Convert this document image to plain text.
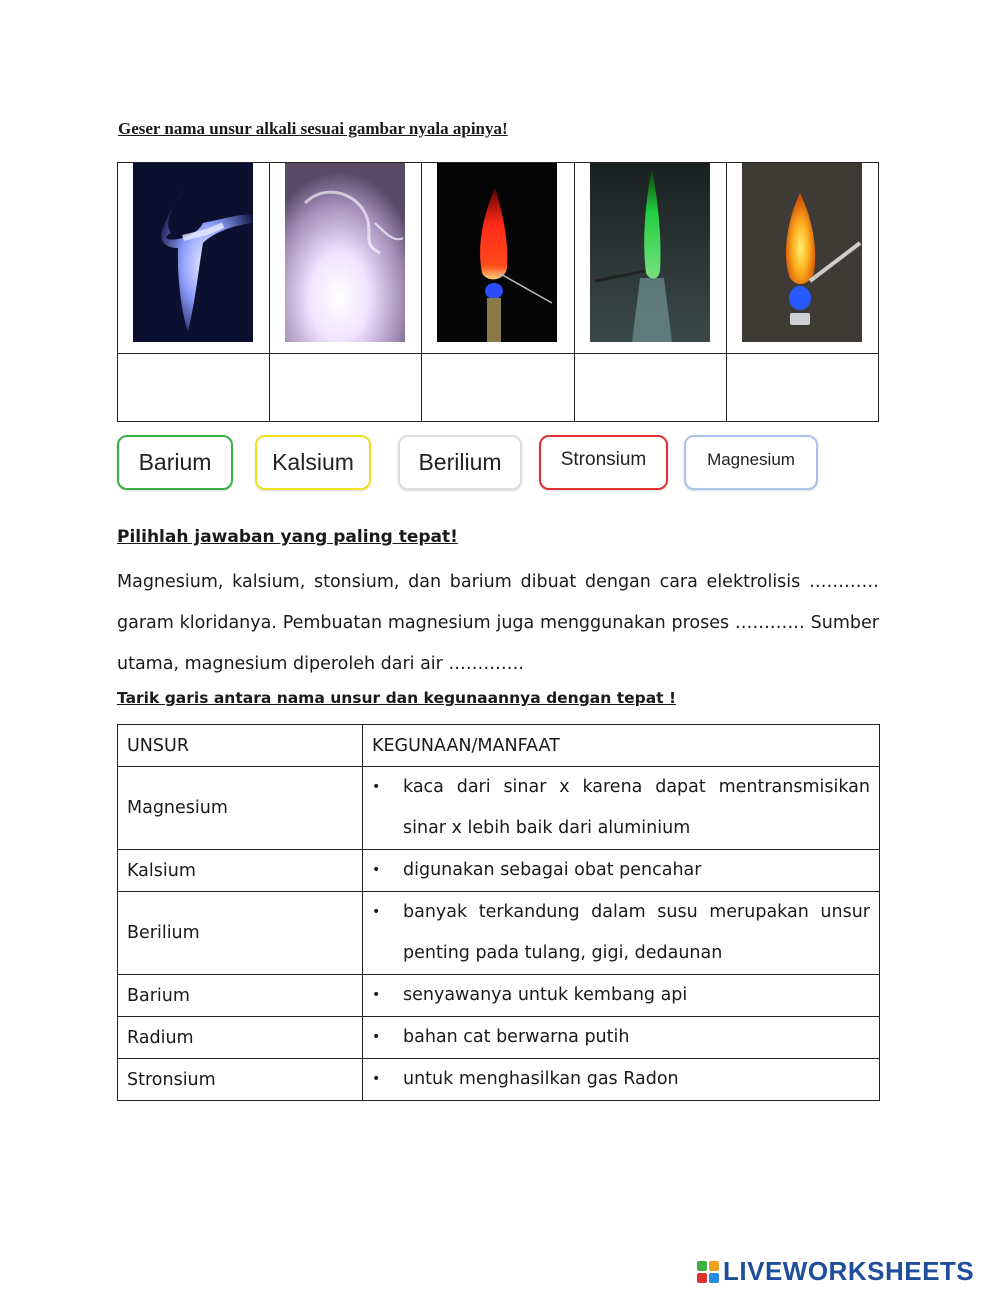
Geser nama unsur alkali sesuai gambar nyala apinya!

Barium	Kalsium	Berilium	Stronsium	Magnesium
Pilihlah jawaban yang paling tepat!
Magnesium, kalsium, stonsium, dan barium dibuat dengan cara elektrolisis ………… garam kloridanya. Pembuatan magnesium juga menggunakan proses ………… Sumber utama, magnesium diperoleh dari air ………….
Tarik garis antara nama unsur dan kegunaannya dengan tepat !
UNSUR	KEGUNAAN/MANFAAT
Magnesium	• kaca dari sinar x karena dapat mentransmisikan sinar x lebih baik dari aluminium

Kalsium	• digunakan sebagai obat pencahar

Berilium	• banyak terkandung dalam susu merupakan unsur penting pada tulang, gigi, dedaunan

Barium	• senyawanya untuk kembang api

Radium	• bahan cat berwarna putih

Stronsium	• untuk menghasilkan gas Radon
LIVEWORKSHEETS
